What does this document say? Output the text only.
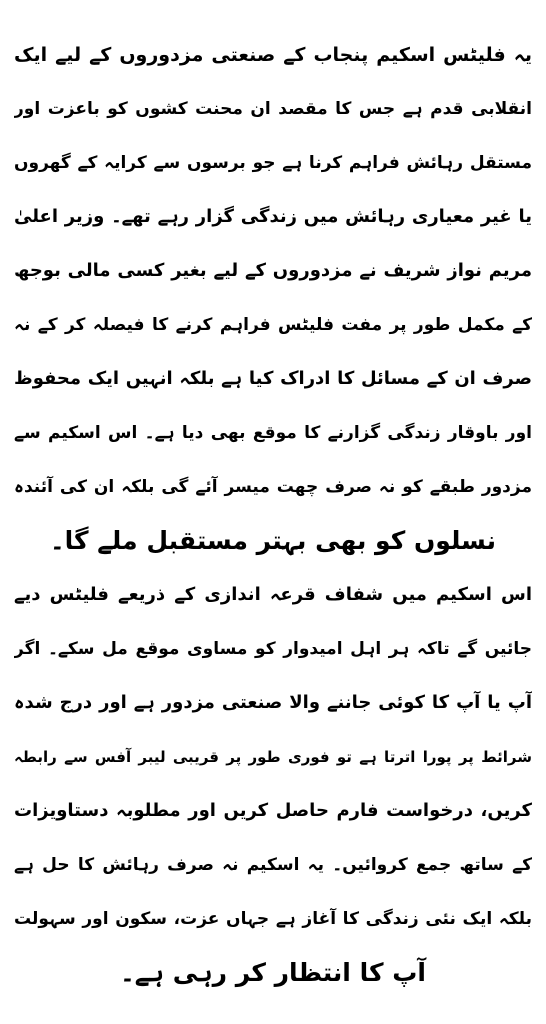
یہ فلیٹس اسکیم پنجاب کے صنعتی مزدوروں کے لیے ایک
انقلابی قدم ہے جس کا مقصد ان محنت کشوں کو باعزت اور
مستقل رہائش فراہم کرنا ہے جو برسوں سے کرایہ کے گھروں
یا غیر معیاری رہائش میں زندگی گزار رہے تھے۔ وزیر اعلیٰ
مریم نواز شریف نے مزدوروں کے لیے بغیر کسی مالی بوجھ
کے مکمل طور پر مفت فلیٹس فراہم کرنے کا فیصلہ کر کے نہ
صرف ان کے مسائل کا ادراک کیا ہے بلکہ انہیں ایک محفوظ
اور باوقار زندگی گزارنے کا موقع بھی دیا ہے۔ اس اسکیم سے
مزدور طبقے کو نہ صرف چھت میسر آئے گی بلکہ ان کی آئندہ
نسلوں کو بھی بہتر مستقبل ملے گا۔
اس اسکیم میں شفاف قرعہ اندازی کے ذریعے فلیٹس دیے
جائیں گے تاکہ ہر اہل امیدوار کو مساوی موقع مل سکے۔ اگر
آپ یا آپ کا کوئی جاننے والا صنعتی مزدور ہے اور درج شدہ
شرائط پر پورا اترتا ہے تو فوری طور پر قریبی لیبر آفس سے رابطہ
کریں، درخواست فارم حاصل کریں اور مطلوبہ دستاویزات
کے ساتھ جمع کروائیں۔ یہ اسکیم نہ صرف رہائش کا حل ہے
بلکہ ایک نئی زندگی کا آغاز ہے جہاں عزت، سکون اور سہولت
آپ کا انتظار کر رہی ہے۔
